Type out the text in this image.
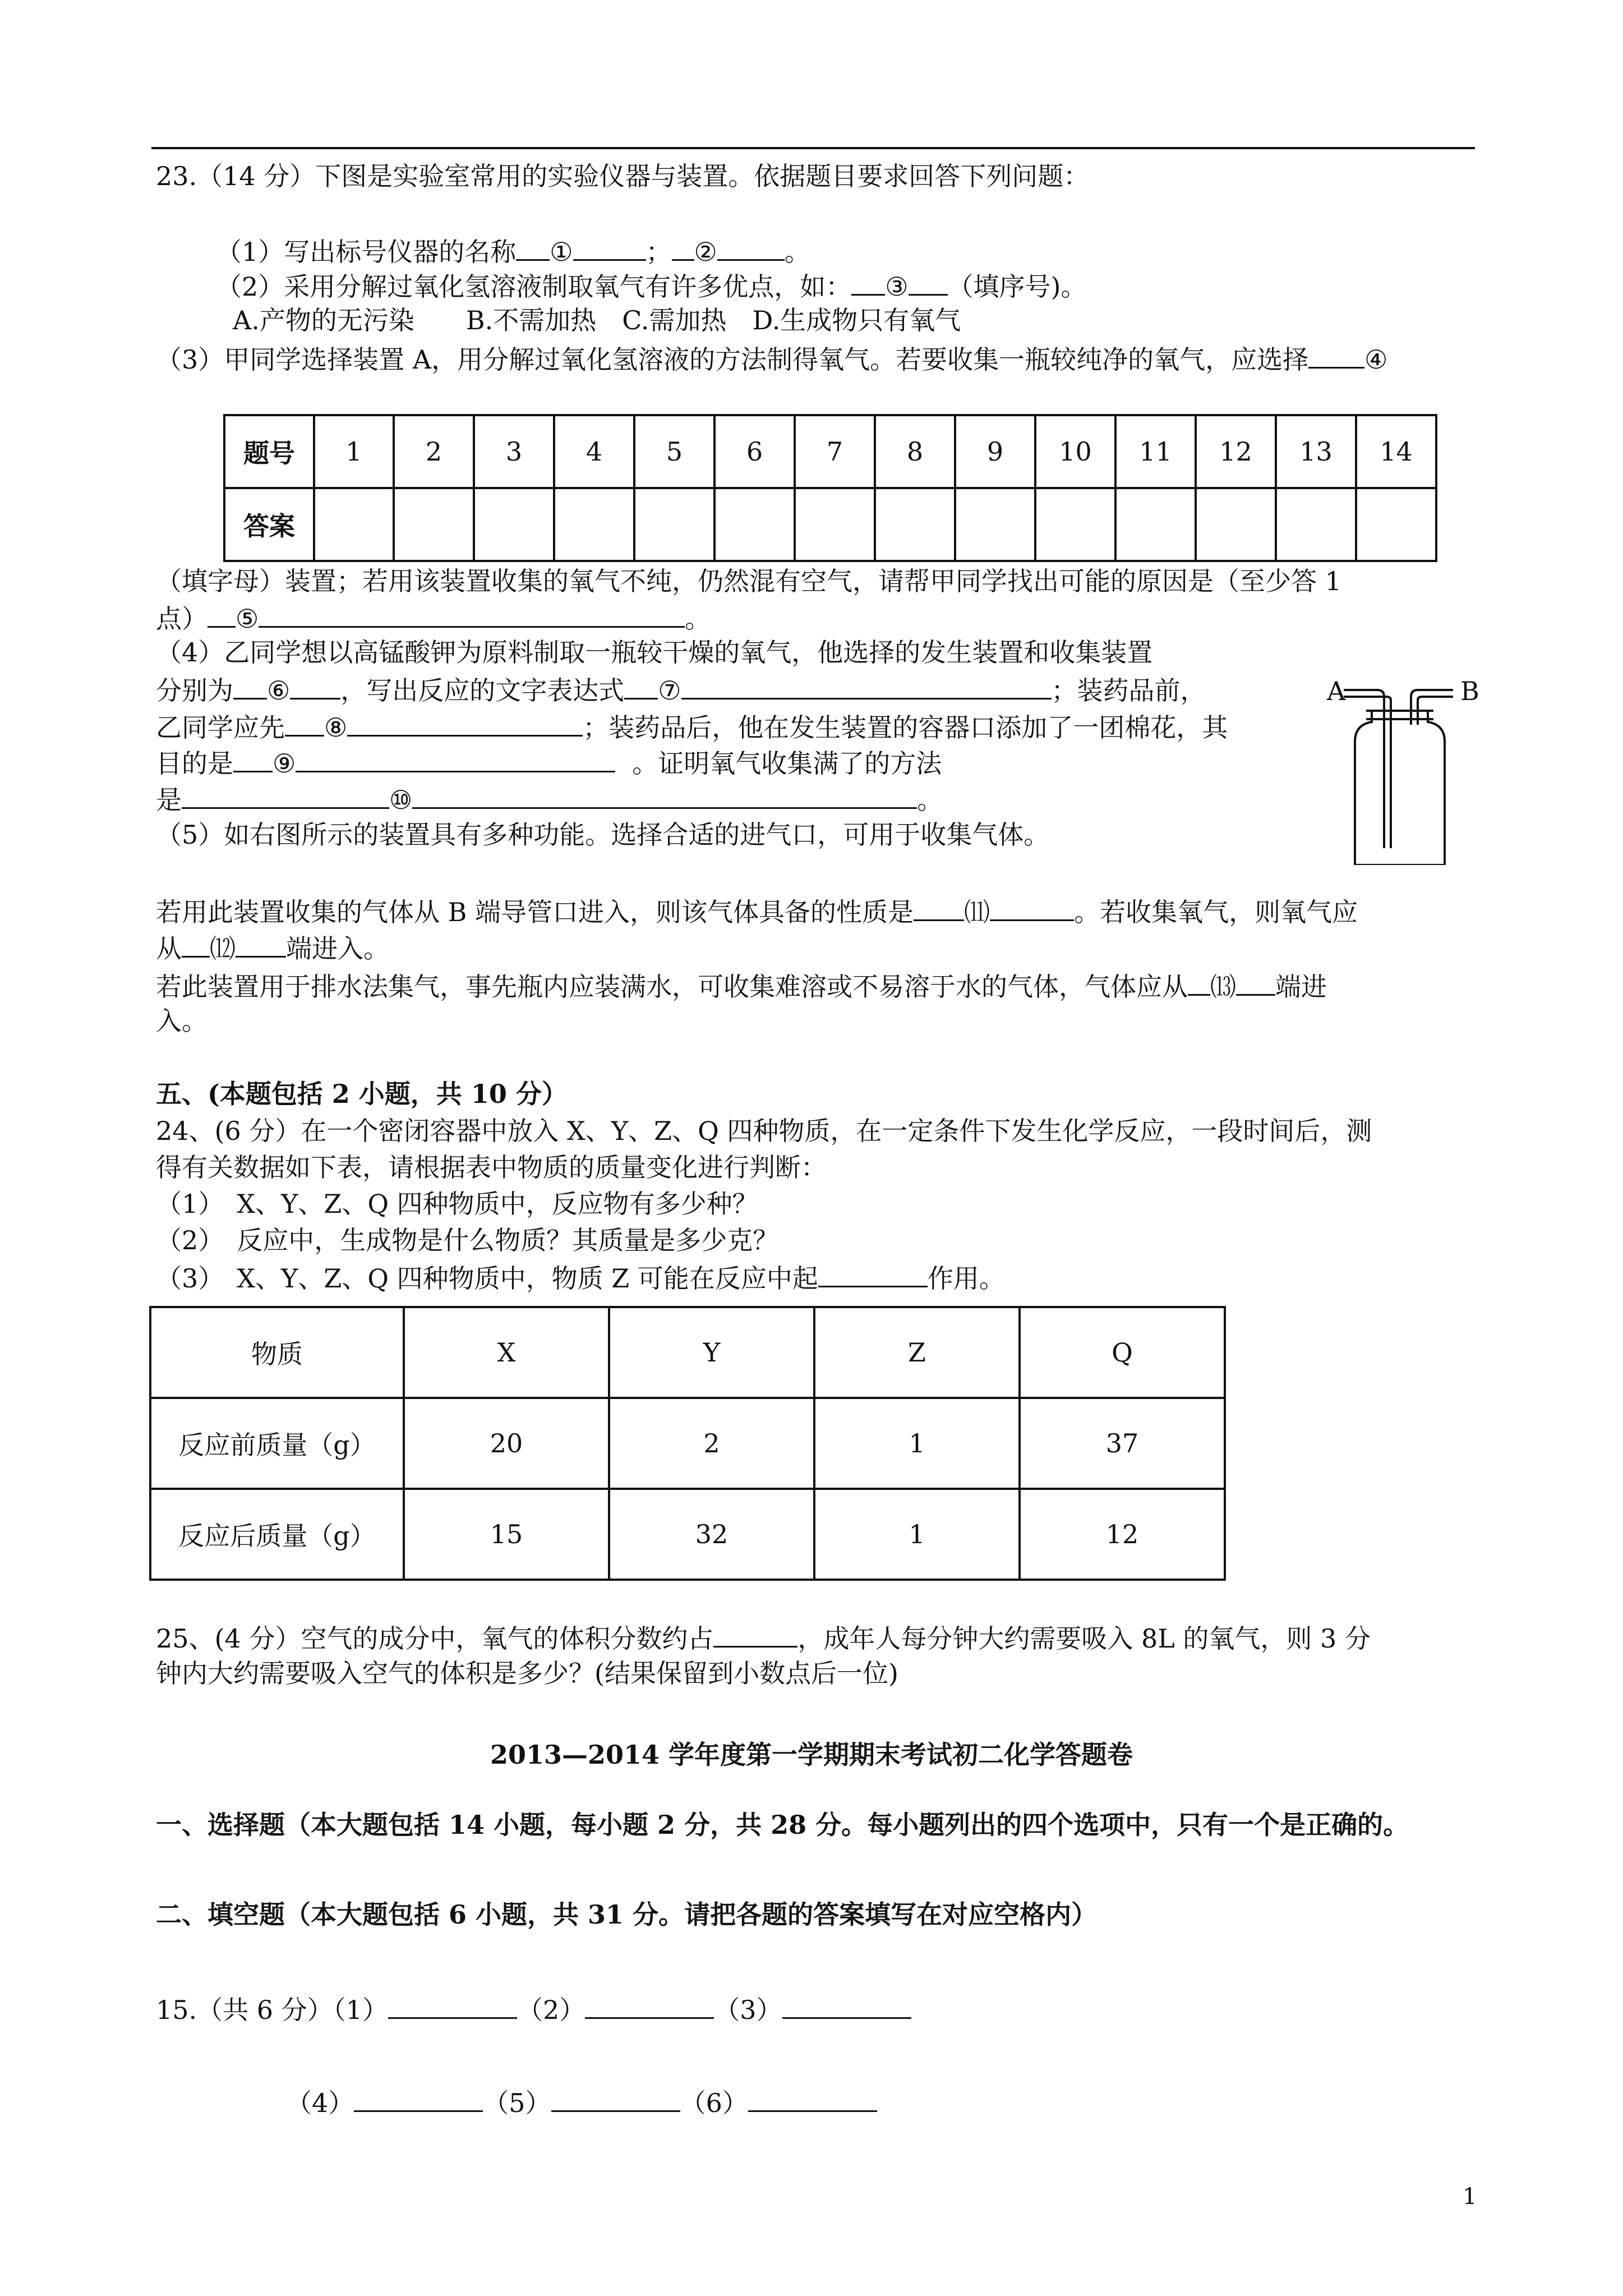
23.（14 分）下图是实验室常用的实验仪器与装置。依据题目要求回答下列问题：
（1）写出标号仪器的名称 ①	； ②	。
（2）采用分解过氧化氢溶液制取氧气有许多优点，如： ③ （填序号)。
A.产物的无污染　　B.不需加热　C.需加热　D.生成物只有氧气
（3）甲同学选择装置 A，用分解过氧化氢溶液的方法制得氧气。若要收集一瓶较纯净的氧气，应选择 ④
题号	1	2	3	4	5	6	7	8	9	10	11	12	13	14
答案														
（填字母）装置；若用该装置收集的氧气不纯，仍然混有空气，请帮甲同学找出可能的原因是（至少答 1
点） ⑤	。
（4）乙同学想以高锰酸钾为原料制取一瓶较干燥的氧气，他选择的发生装置和收集装置
分别为 ⑥ ，写出反应的文字表达式 ⑦	；装药品前，
乙同学应先 ⑧	；装药品后，他在发生装置的容器口添加了一团棉花，其
目的是 ⑨	。证明氧气收集满了的方法
是	⑩	。
（5）如右图所示的装置具有多种功能。选择合适的进气口，可用于收集气体。
A	B
若用此装置收集的气体从 B 端导管口进入，则该气体具备的性质是 ⑾	。若收集氧气，则氧气应
从 ⑿ 端进入。
若此装置用于排水法集气，事先瓶内应装满水，可收集难溶或不易溶于水的气体，气体应从 ⒀ 端进
入。
五、(本题包括 2 小题，共 10 分）
24、(6 分）在一个密闭容器中放入 X、Y、Z、Q 四种物质，在一定条件下发生化学反应，一段时间后，测
得有关数据如下表，请根据表中物质的质量变化进行判断：
（1）　X、Y、Z、Q 四种物质中，反应物有多少种？
（2）　反应中，生成物是什么物质？其质量是多少克？
（3）　X、Y、Z、Q 四种物质中，物质 Z 可能在反应中起	作用。
物质	X	Y	Z	Q
反应前质量（g）	20	2	1	37
反应后质量（g）	15	32	1	12
25、(4 分）空气的成分中，氧气的体积分数约占	，成年人每分钟大约需要吸入 8L 的氧气，则 3 分
钟内大约需要吸入空气的体积是多少？(结果保留到小数点后一位)
2013—2014 学年度第一学期期末考试初二化学答题卷
一、选择题（本大题包括 14 小题，每小题 2 分，共 28 分。每小题列出的四个选项中，只有一个是正确的。
二、填空题（本大题包括 6 小题，共 31 分。请把各题的答案填写在对应空格内）
15.（共 6 分）（1）	（2）	（3）
（4）	（5）	（6）
1
